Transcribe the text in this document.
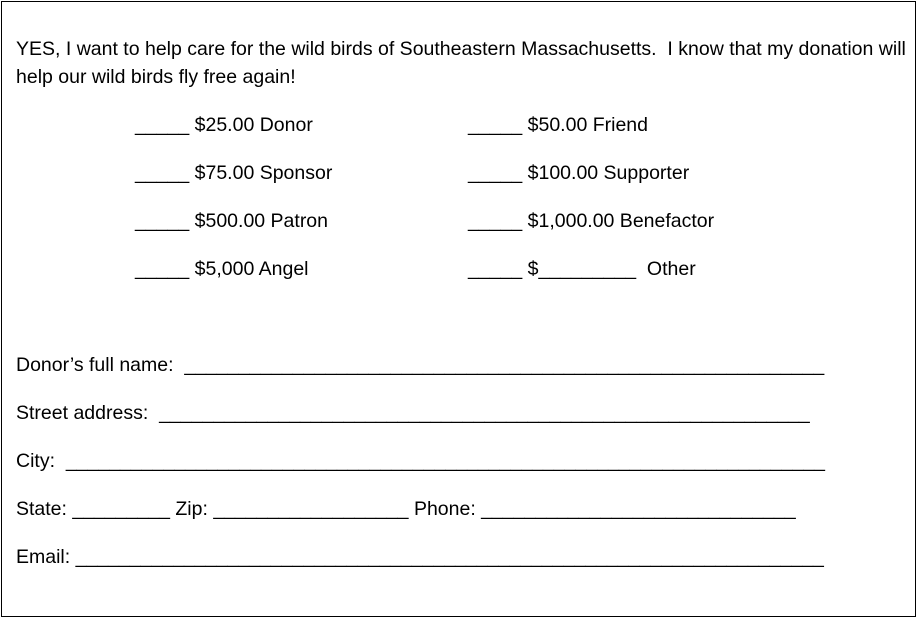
YES, I want to help care for the wild birds of Southeastern Massachusetts.  I know that my donation will help our wild birds fly free again!

_____ $25.00 Donor
_____ $75.00 Sponsor
_____ $500.00 Patron
_____ $5,000 Angel
_____ $50.00 Friend
_____ $100.00 Supporter
_____ $1,000.00 Benefactor
_____ $_________  Other
Donor’s full name:  ___________________________________________________________
Street address:  ____________________________________________________________
City:  ______________________________________________________________________
State: _________ Zip: __________________ Phone: _____________________________
Email: _____________________________________________________________________
